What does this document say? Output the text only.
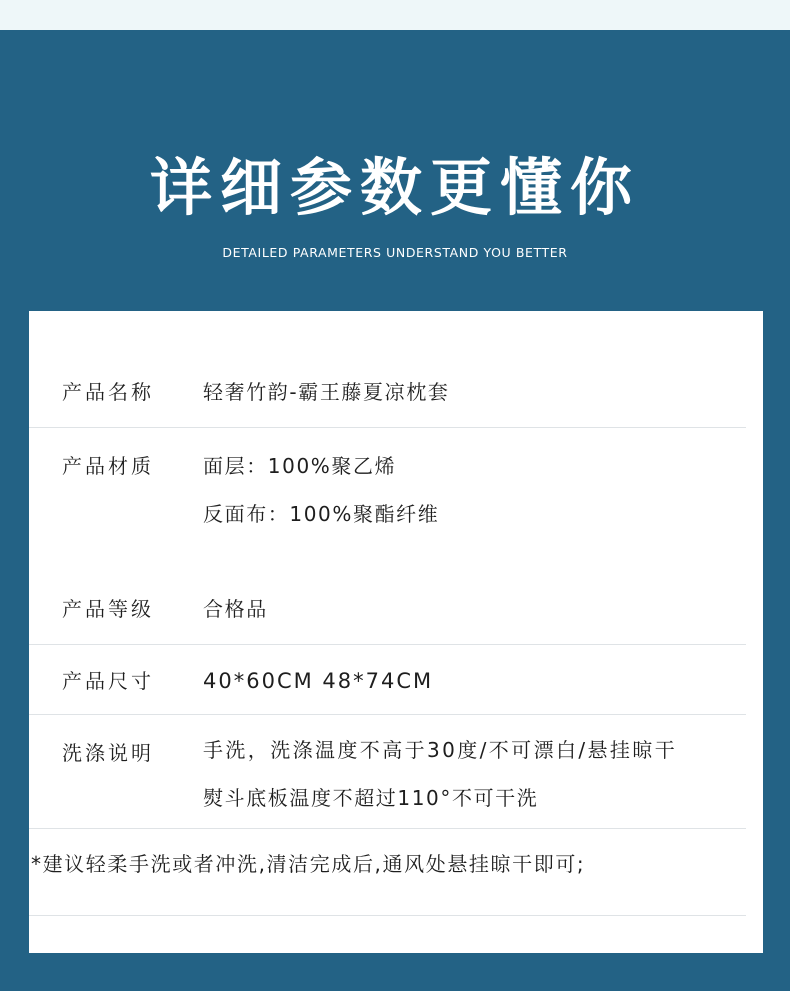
详细参数更懂你
DETAILED PARAMETERS UNDERSTAND YOU BETTER
产品名称 轻奢竹韵-霸王藤夏凉枕套
产品材质 面层：100%聚乙烯
反面布：100%聚酯纤维
产品等级 合格品
产品尺寸 40*60CM 48*74CM
洗涤说明 手洗，洗涤温度不高于30度/不可漂白/悬挂晾干
熨斗底板温度不超过110°不可干洗
*建议轻柔手洗或者冲洗,清洁完成后,通风处悬挂晾干即可;
